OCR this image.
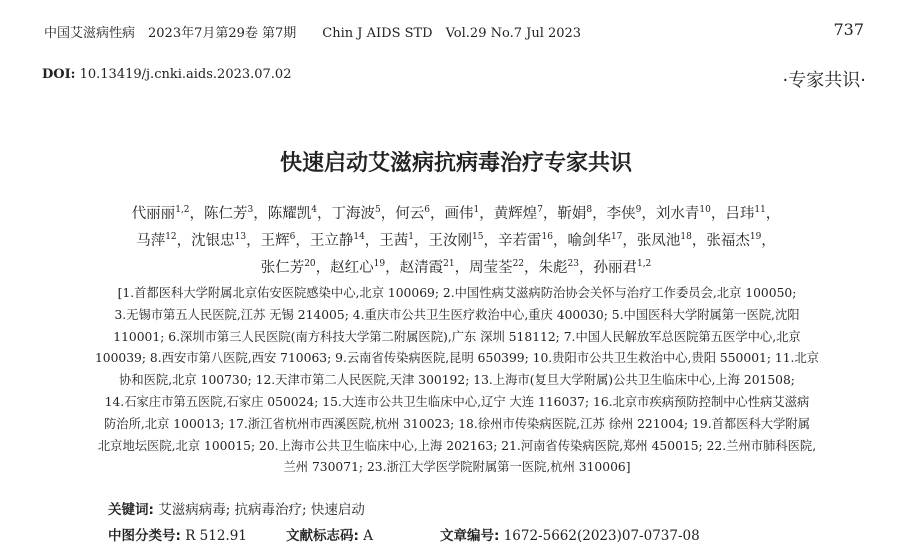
中国艾滋病性病　2023年7月第29卷 第7期　　Chin J AIDS STD　Vol.29 No.7 Jul 2023	737
DOI: 10.13419/j.cnki.aids.2023.07.02	·专家共识·
快速启动艾滋病抗病毒治疗专家共识
代丽丽$^{1,2}$，陈仁芳$^3$，陈耀凯$^4$，丁海波$^5$，何云$^6$，画伟$^1$，黄辉煌$^7$，靳娟$^8$，李侠$^9$，刘水青$^{10}$，吕玮$^{11}$，
马萍$^{12}$，沈银忠$^{13}$，王辉$^6$，王立静$^{14}$，王茜$^1$，王汝刚$^{15}$，辛若雷$^{16}$，喻剑华$^{17}$，张凤池$^{18}$，张福杰$^{19}$，
张仁芳$^{20}$，赵红心$^{19}$，赵清霞$^{21}$，周莹荃$^{22}$，朱彪$^{23}$，孙丽君$^{1,2}$
[1.首都医科大学附属北京佑安医院感染中心,北京 100069; 2.中国性病艾滋病防治协会关怀与治疗工作委员会,北京 100050;
3.无锡市第五人民医院,江苏 无锡 214005; 4.重庆市公共卫生医疗救治中心,重庆 400030; 5.中国医科大学附属第一医院,沈阳
110001; 6.深圳市第三人民医院(南方科技大学第二附属医院),广东 深圳 518112; 7.中国人民解放军总医院第五医学中心,北京
100039; 8.西安市第八医院,西安 710063; 9.云南省传染病医院,昆明 650399; 10.贵阳市公共卫生救治中心,贵阳 550001; 11.北京
协和医院,北京 100730; 12.天津市第二人民医院,天津 300192; 13.上海市(复旦大学附属)公共卫生临床中心,上海 201508;
14.石家庄市第五医院,石家庄 050024; 15.大连市公共卫生临床中心,辽宁 大连 116037; 16.北京市疾病预防控制中心性病艾滋病
防治所,北京 100013; 17.浙江省杭州市西溪医院,杭州 310023; 18.徐州市传染病医院,江苏 徐州 221004; 19.首都医科大学附属
北京地坛医院,北京 100015; 20.上海市公共卫生临床中心,上海 202163; 21.河南省传染病医院,郑州 450015; 22.兰州市肺科医院,
兰州 730071; 23.浙江大学医学院附属第一医院,杭州 310006]
关键词: 艾滋病病毒; 抗病毒治疗; 快速启动
中图分类号: R 512.91	文献标志码: A	文章编号: 1672-5662(2023)07-0737-08
